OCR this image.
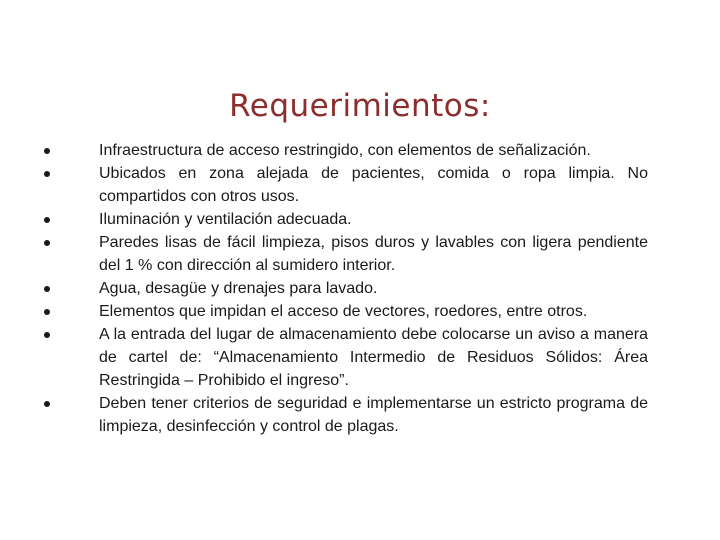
Requerimientos:
Infraestructura de acceso restringido, con elementos de señalización.
Ubicados en zona alejada de pacientes, comida o ropa limpia. No compartidos con otros usos.
Iluminación y ventilación adecuada.
Paredes lisas de fácil limpieza, pisos duros y lavables con ligera pendiente del 1 % con dirección al sumidero interior.
Agua, desagüe y drenajes para lavado.
Elementos que impidan el acceso de vectores, roedores, entre otros.
A la entrada del lugar de almacenamiento debe colocarse un aviso a manera de cartel de: “Almacenamiento Intermedio de Residuos Sólidos: Área Restringida – Prohibido el ingreso”.
Deben tener criterios de seguridad e implementarse un estricto programa de limpieza, desinfección y control de plagas.
